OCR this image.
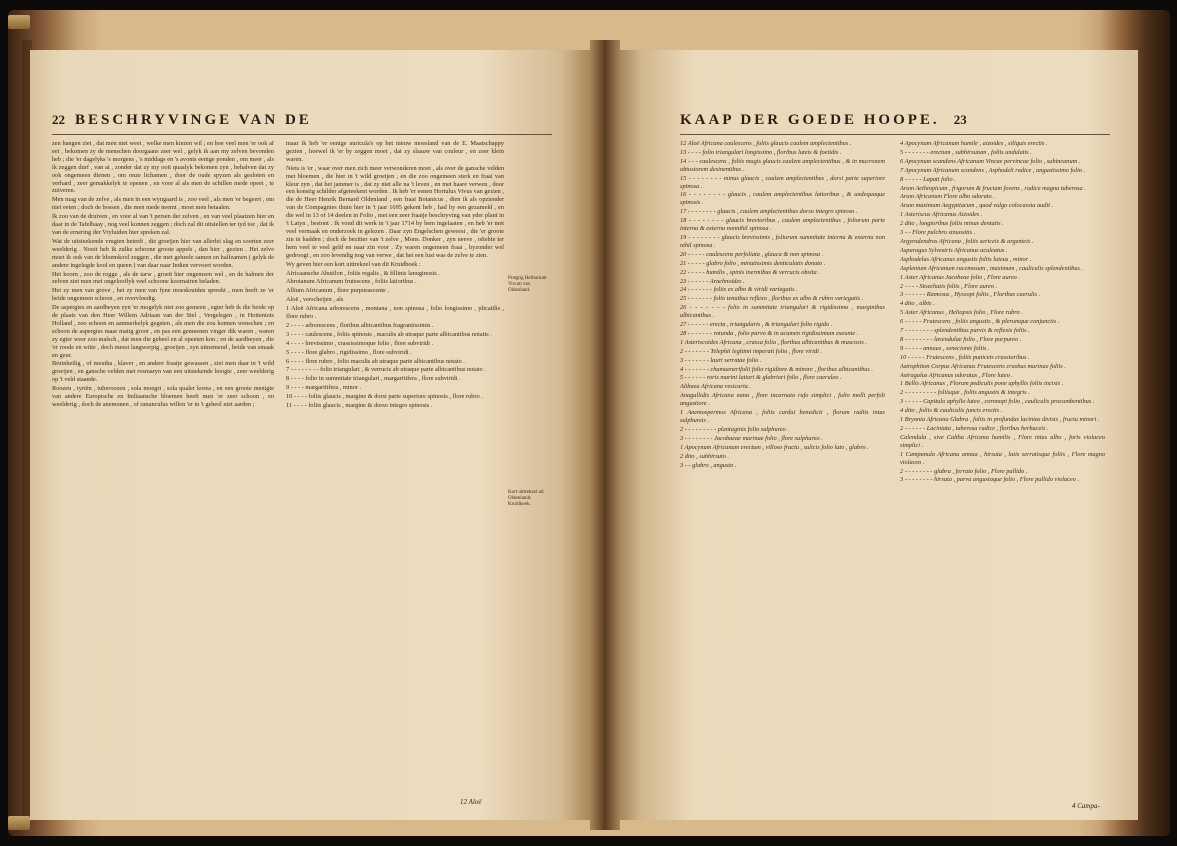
22 BESCHRYVINGE VAN DE

zen hangen ziet , dat men niet weet , welke men kiezen wil ; en hoe veel men 'er ook af eet , bekomen zy de menschen doorgaans zeer wel , gelyk ik aan my zelven bevonden heb ; die 'er dagelyks 's morgens , 's middags en 's avonts eenige ponden , om meer , als ik zeggen durf , van at , zonder dat zy my ooit quaalyk bekomen zyn , behalven dat zy ook ongemeen dienen , om onze lichamen , door de oude spyzen als gesloten en verhard , zeer gemakkelyk te openen , en voor al als men de schillen mede opeet , te zuiveren.

Men mag van de zelve , als men in een wyngaard is , zoo veel , als men 'er begeert , om niet eeten ; doch de bossen , die men mede neemt , moet men betaalen.

Ik zou van de druiven , en voor al van 't persen der zelven , en van veel plaatzen hier en daar in de Tafelbaay , nog veel konnen zeggen ; doch zal dit uitstellen ter tyd toe , dat ik van de ernering der Vryluiden hier spreken zal.

Wat de uitsteekende vrugten betreft , die groeijen hier van allerlei slag en soorten zeer weelderig . Nooit heb ik zulke schoone groote appels , dan hier , gezien . Het zelve moet ik ook van de bloemkool zeggen , die met geheele samen en halfzamen ( gelyk de andere ingelegde kool en queen ) van daar naar Indien vervoert worden.

Het koorn , zoo de rogge , als de tarw , groeit hier ongemeen wel , en de halmen der zelven ziet men met ongelooflyk veel schoone koornairen beladen.

Het zy men van grove , het zy men van fyne moeskruiden spreekt , men heeft ze 'er beide ongemeen schoon , en overvloedig.

De aspergies en aardbeyen zyn 'er mogelyk niet zoo gemeen , egter heb ik die beide op de plaats van den Heer Willem Adriaan van der Stel , Vergelegen , in Hottentots Holland , zoo schoon en aanmerkelyk gegeten , als men die zou konnen wenschen ; en schoon de aspergies maar matig groot , en pas een gemeenen vinger dik waren , waren zy egter weer zoo malsch , dat men die geheel en al opeeten kon ; en de aardbeyen , die 'er roode en witte , doch meest langwerpig , groeijen , zyn uitnemend , beide van smaak en geur.

Bruinheilig , of meutha , klaver , en andere fraaije gewassen , ziet men daar in 't wild groeijen , en gansche velden met rosmaryn van een uitstekende hoogte , zeer weelderig op 't veld staande.

Roozen , tyriën , tuberoozen , sola moegri , sola qualer korea , en een groote menigte van andere Europische en Indiaansche bloemen heeft men 'er zeer schoon , en weelderig , doch de anemonen , of ranunculus willen 'er in 't geheel niet aarden ;

maar ik heb 'er eenige auricula's op het nieuw moesland van de E. Maatschappy gezien , hoewel ik 'er by zeggen moet , dat zy slaauw van couleur , en zeer klein waren.

Niets is 'er , waar over men zich meer verwonderen moet , als over de gansche velden met bloemen , die hier in 't wild groeijen , en die zoo ongemeen sterk en fraai van kleur zyn , dat het jammer is , dat zy niet alle na 't leven , en met haare verwen , door een konstig schilder afgeteekent worden . Ik heb 'er eenen Hortulus Vivus van gezien , die de Heer Henrik Bernard Oldenland , een fraai Botanicus , dien ik als opziender van de Compagnies thuin hier in 't jaar 1695 gekent heb , had by een gezameld , en die wel in 13 of 14 deelen in Folio , met een zeer fraaije beschryving van yder plant in 't Latyn , bestont . Ik vond dit werk in 't jaar 1714 by hem ingelaaten , en heb 'er met veel vermaak en onderzoek in gelezen . Daar zyn Engelschen geweest , die 'er groote zin in hadden ; doch de bezitter van 't zelve , Mons. Donker , zyn neeve , oftehte ter hem veel te veel geld en naar zin voor . Zy waren ongemeen fraai , byzonder wel gedroogt , en zoo levendig nog van verwe , dat het een lust was de zelve te zien.

Wy geven hier een kort uittrekzel van dit Kruidboek :

Africaansche Abutilon , foliis regalis , & fillinis lanuginosis .

Abrotanum Africanum frutescens , foliis latioribus .

Allium Africanum , flore purpurascente .

Aloë , verscheijen , als

1 Aloë Africana arborescens , montana , non spinosa , folio longissimo , plicatilis , flore rubro .

2 - - - - arborescens , floribus albicantibus fragrantissimis .

3 - - - - caulescens , foliis spinosis , maculis ab utraque parte albicantibus notatis .

4 - - - - brevissimo , crassissimoque folio , flore subviridi .

5 - - - - flore glabro , rigidissimo , flore subviridi .

6 - - - - flore rubro , folio maculis ab utraque parte albicantibus notato .

7 - - - - - - - - folio triangulari , & verrucis ab utraque parte albicantibus notato .

8 - - - - folio in summitate triangulari , margaritifera , flore subviridi .

9 - - - - margaritifera , minor .

10 - - - - foliis glaucis , margine & dorsi parte superiore spinosis , flore rubro .

11 - - - - foliis glaucis , margine & dorso integro spinosis .

Prægtig Herbarium Vivum van Oldenland.
Kort uittrekzel uit Oldenlands Kruidboek.
12 Aloë
KAAP DER GOEDE HOOPE. 23

12 Aloë Africana caulescens , foliis glaucis caulem amplectentibus .

13 - - - - folio triangulari longissimo , floribus luteis & foetidis .

14 - - - caulescens , foliis magis glaucis caulem amplectentibus , & in mucronem obtusiorem desinentibus .

15 - - - - - - - - minus glaucis , caulem amplectentibus , dorsi parte superiore spinosa .

16 - - - - - - - - glaucis , caulem amplectentibus latioribus , & undequaque spinosis .

17 - - - - - - - - glaucis , caulem amplectentibus dorso integro spinoso .

18 - - - - - - - - glaucis brevioribus , caulem amplectentibus , foliorum parte interna & externa nonnihil spinosa .

19 - - - - - - - - glaucis brevissimis , foliorum summitate interna & externa non nihil spinosa .

20 - - - - - caulescens perfoliata , glauca & non spinosa .

21 - - - - - glabro folio , minutissimis denticulatis donato .

22 - - - - - humilis , spinis inermibus & verrucis obsita .

23 - - - - - - Arachnoïdes .

24 - - - - - - - foliis ex albo & viridi variegatis .

25 - - - - - - - folio tenuibus reflexo , floribus ex albo & rubro variegatis .

26 - - - - - - - folio in summitate triangulari & rigidissimo , marginibus albicantibus .

27 - - - - - - erecta , triangularis , & triangulari folio rigido .

28 - - - - - - - rotunda , folio parvo & in acumen rigidissimum exeunte .

1 Asteriscoides Africana , crassa folia , floribus albicantibus & muscosis .

2 - - - - - - - Telephii legitimi imperati folio , flore viridi .

3 - - - - - - - lauri serratae folio .

4 - - - - - - - chamaenerifolii folio rigidiore & minore , floribus albicantibus .

5 - - - - - - roris marini latiori & glabriori folio , flore caeruleo .

Althaea Africana vesicaria .

Anagallidis Africana nana , flore incarnato rufo simplici , folio molli perfoli angustiore .

1 Anemospermos Africana , foliis cardui benedicti , florum radiis intus sulphureis .

2 - - - - - - - - - plantaginis folio sulphureo .

3 - - - - - - - - Jacobaeae marinae folio , flore sulphureo .

1 Apocynum Africanum erectum , villoso fructu , salicis folio lato , glabro .

2 dito , subhirsuto .

3 - - glabro , angusto .

4 Apocynum Africanum humile , aizoides , siliquis erectis .

5 - - - - - - - erectum , subhirsutum , foliis undulatis .

6 Apocynum scandens Africanum Vincae pervincae folio , subincanum .

7 Apocynum Africanum scandens , Asphodeli radice , angustissimo folio .

8 - - - - - Lapati folio .

Arum Aethiopicum , frigorum & fructum fovens , radice magna tuberosa .

Arum Africanum Flore albo odorato .

Arum maximum Aegyptiacum , quod vulgo colocassia audit .

1 Asteriscus Africanus Aizoides .

2 dito , longioribus foliis minus dentatis .

3 - - Flore pulchro sinuositis .

Argyrodendros Africana , foliis sericeis & argenteis .

Asparagus Sylvestris Africanus aculeatus .

Asphodelus Africanus angustis foliis luteus , minor .

Asplenium Africanum racemosum , maximum , cauliculis splendentibus .

1 Aster Africanus Jacobeae folio , Flore aureo .

2 - - - - Stoechatis foliis , Flore aureo .

3 - - - - - - Ramosus , Hyssopi foliis , Floribus caerulis .

4 dito , albis .

5 Aster Africanus , Heliopsis folio , Flore rubro .

6 - - - - - Frutescens , foliis angustis , & plerumque conjunctis .

7 - - - - - - - - splendentibus parvis & reflexis foliis .

8 - - - - - - - - lavendulae folio , Flore purpureo .

9 - - - - - annuus , senecionis foliis .

10 - - - - - Frutescens , foliis puniceis crassioribus .

Astrophiton Corpus Africanus Frutescens crasbus marinae foliis .

Astragalus Africanus odoratus , Flore luteo .

1 Bellis Africanus , Florum pediculis pone aphyllis foliis incisis .

2 - - - - - - - - - foliisque , foliis angustis & integris .

3 - - - - - Capitulo aphyllo luteo , coronopi folio , cauliculis procumbentibus .

4 dito , foliis & cauliculis juncis erectis .

1 Bryonia Africana Glabra , foliis in profundas lacinias divisis , fructu minori .

2 - - - - - - Laciniata , tuberosa radice , floribus herbaceis .

Calendula , sive Caltha Africana humilis , Flore intus albo , foris violaceo simplici .

1 Campanula Africana annua , hirsuta , latis serratisque foliis , Flore magno violaceo .

2 - - - - - - - - glabra , ferrato folio , Flore pallido .

3 - - - - - - - - hirsuta , parva angustoque folio , Flore pallido violaceo .

4 Campa-
